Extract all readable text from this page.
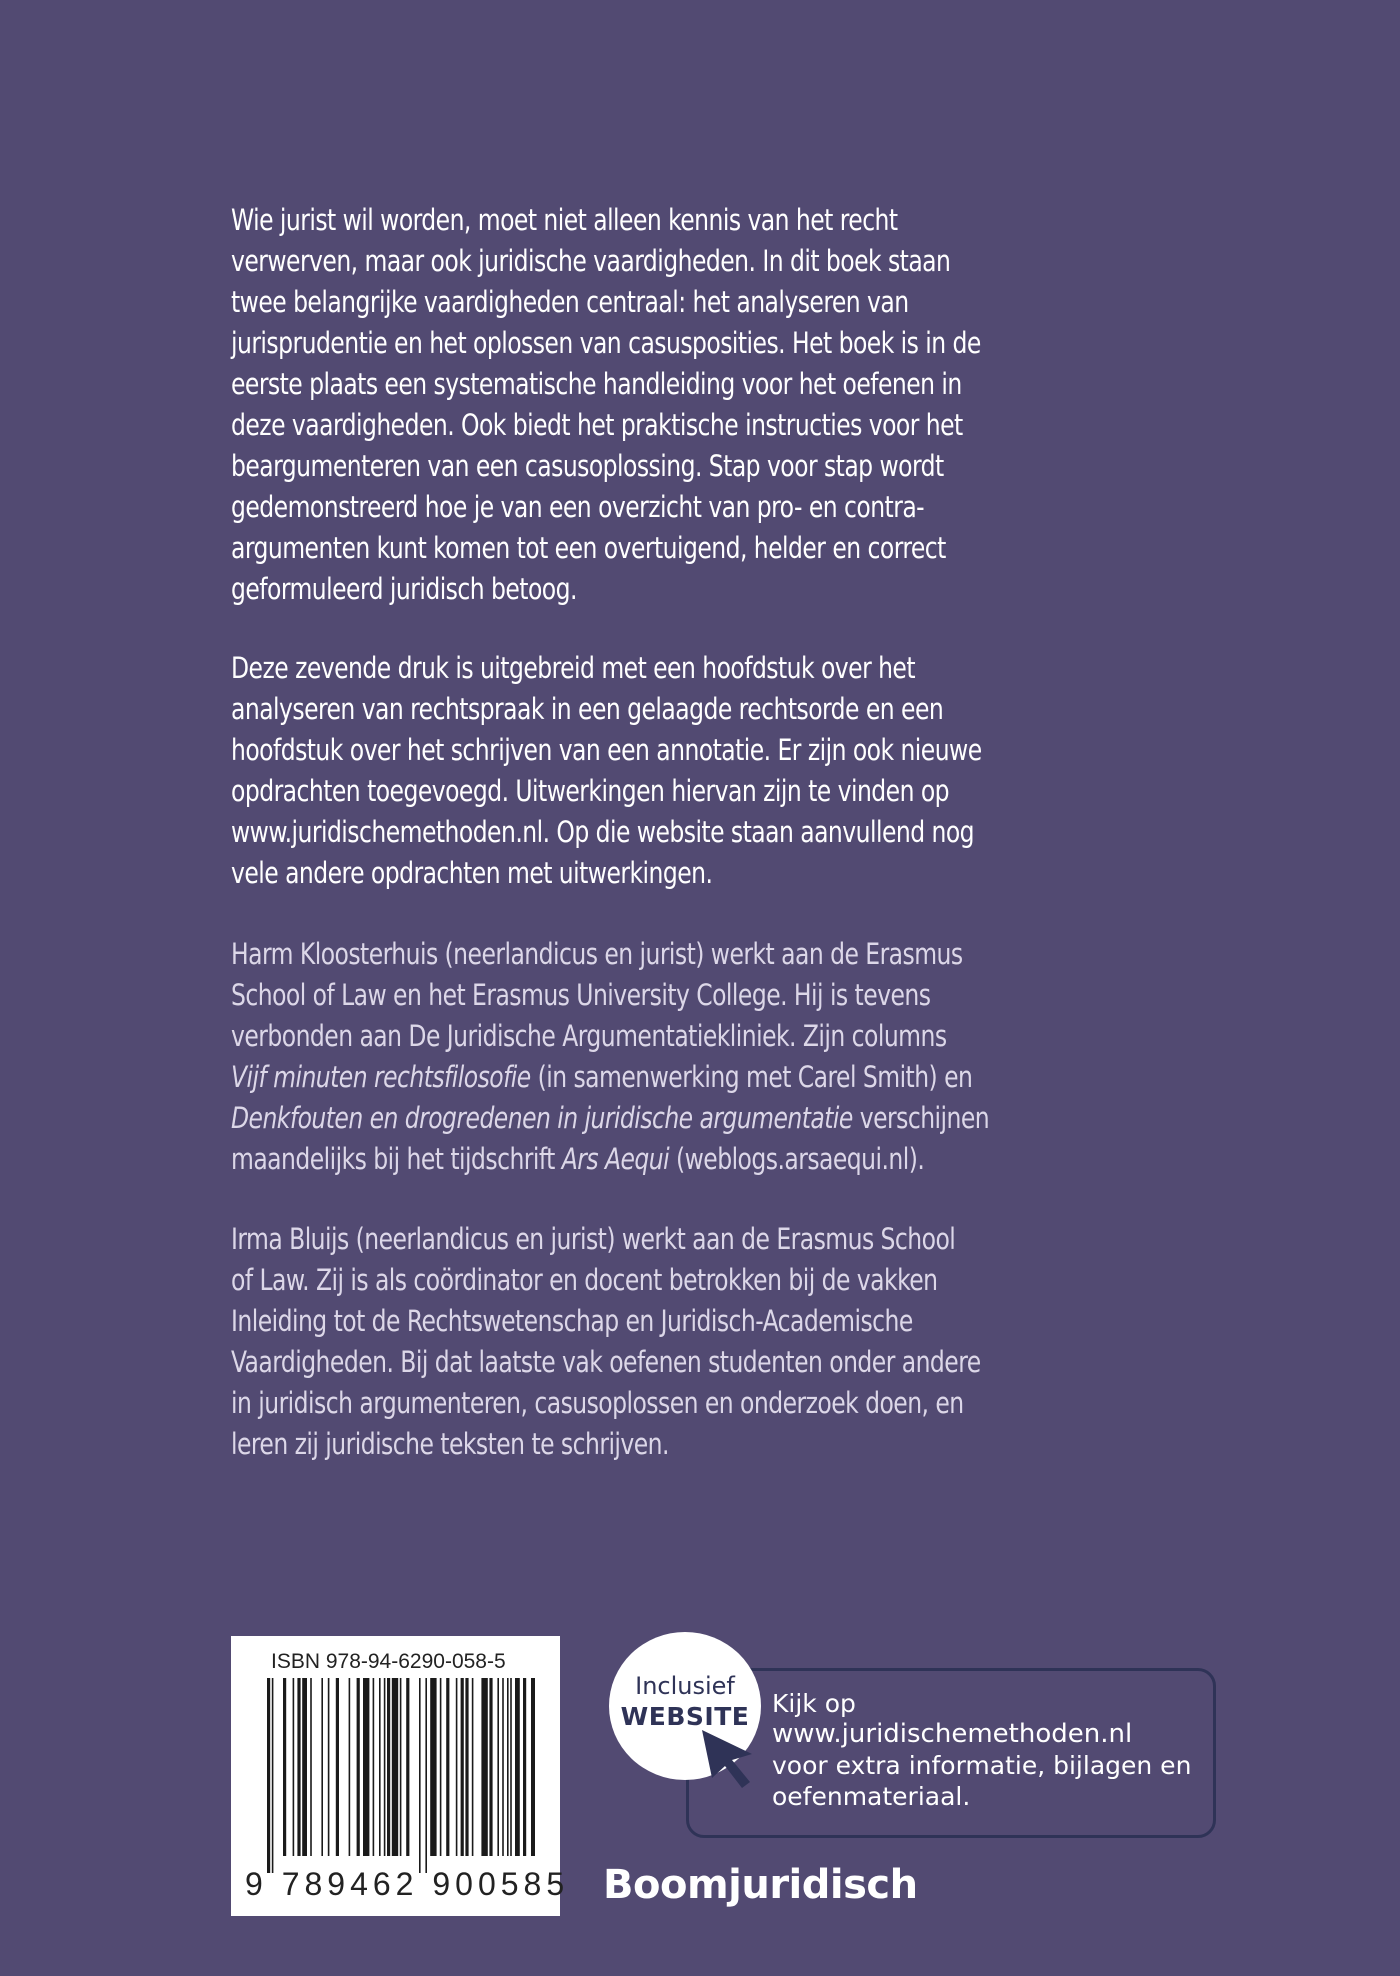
Wie jurist wil worden, moet niet alleen kennis van het recht
verwerven, maar ook juridische vaardigheden. In dit boek staan
twee belangrijke vaardigheden centraal: het analyseren van
jurisprudentie en het oplossen van casusposities. Het boek is in de
eerste plaats een systematische handleiding voor het oefenen in
deze vaardigheden. Ook biedt het praktische instructies voor het
beargumenteren van een casusoplossing. Stap voor stap wordt
gedemonstreerd hoe je van een overzicht van pro- en contra-
argumenten kunt komen tot een overtuigend, helder en correct
geformuleerd juridisch betoog.
Deze zevende druk is uitgebreid met een hoofdstuk over het
analyseren van rechtspraak in een gelaagde rechtsorde en een
hoofdstuk over het schrijven van een annotatie. Er zijn ook nieuwe
opdrachten toegevoegd. Uitwerkingen hiervan zijn te vinden op
www.juridischemethoden.nl. Op die website staan aanvullend nog
vele andere opdrachten met uitwerkingen.
Harm Kloosterhuis (neerlandicus en jurist) werkt aan de Erasmus
School of Law en het Erasmus University College. Hij is tevens
verbonden aan De Juridische Argumentatiekliniek. Zijn columns
Vijf minuten rechtsfilosofie (in samenwerking met Carel Smith) en
Denkfouten en drogredenen in juridische argumentatie verschijnen
maandelijks bij het tijdschrift Ars Aequi (weblogs.arsaequi.nl).
Irma Bluijs (neerlandicus en jurist) werkt aan de Erasmus School
of Law. Zij is als coördinator en docent betrokken bij de vakken
Inleiding tot de Rechtswetenschap en Juridisch-Academische
Vaardigheden. Bij dat laatste vak oefenen studenten onder andere
in juridisch argumenteren, casusoplossen en onderzoek doen, en
leren zij juridische teksten te schrijven.
ISBN 978-94-6290-058-5
9 789462 900585
Kijk op
www.juridischemethoden.nl
voor extra informatie, bijlagen en
oefenmateriaal.
Inclusief
WEBSITE
Boomjuridisch
